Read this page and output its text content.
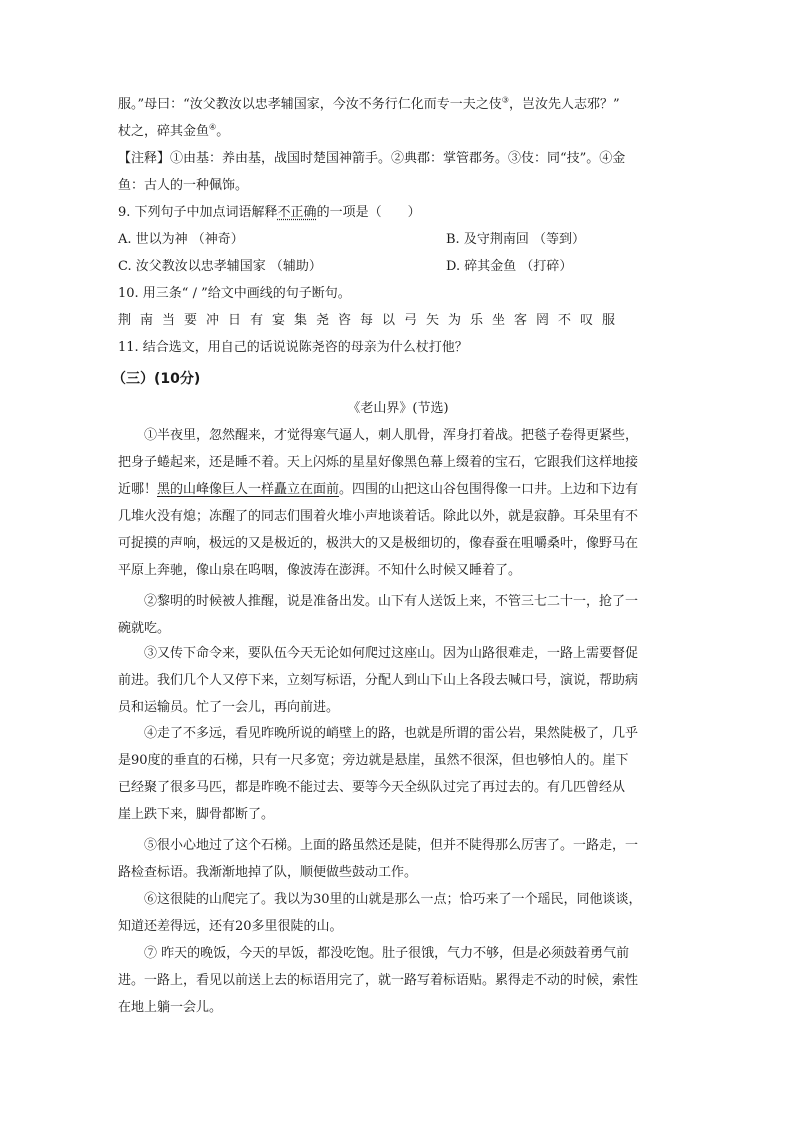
服。”母曰：“汝父教汝以忠孝辅国家，今汝不务行仁化而专一夫之伎③，岂汝先人志邪？”
杖之，碎其金鱼④。
【注释】①由基：养由基，战国时楚国神箭手。②典郡：掌管郡务。③伎：同“技”。④金
鱼：古人的一种佩饰。
9. 下列句子中加点词语解释不正确的一项是（　　）
A. 世以为神 （神奇）	B. 及守荆南回 （等到）
C. 汝父教汝以忠孝辅国家 （辅助）	D. 碎其金鱼 （打碎）
10. 用三条“ / ”给文中画线的句子断句。
荆南当要冲日有宴集尧咨每以弓矢为乐坐客罔不叹服
11. 结合选文，用自己的话说说陈尧咨的母亲为什么杖打他？
（三）(10分)
《老山界》(节选)
①半夜里，忽然醒来，才觉得寒气逼人，刺人肌骨，浑身打着战。把毯子卷得更紧些，
把身子蜷起来，还是睡不着。天上闪烁的星星好像黑色幕上缀着的宝石，它跟我们这样地接
近哪！黑的山峰像巨人一样矗立在面前。四围的山把这山谷包围得像一口井。上边和下边有
几堆火没有熄；冻醒了的同志们围着火堆小声地谈着话。除此以外，就是寂静。耳朵里有不
可捉摸的声响，极远的又是极近的，极洪大的又是极细切的，像春蚕在咀嚼桑叶，像野马在
平原上奔驰，像山泉在呜咽，像波涛在澎湃。不知什么时候又睡着了。
②黎明的时候被人推醒，说是准备出发。山下有人送饭上来，不管三七二十一，抢了一
碗就吃。
③又传下命令来，要队伍今天无论如何爬过这座山。因为山路很难走，一路上需要督促
前进。我们几个人又停下来，立刻写标语，分配人到山下山上各段去喊口号，演说，帮助病
员和运输员。忙了一会儿，再向前进。
④走了不多远，看见昨晚所说的峭壁上的路，也就是所谓的雷公岩，果然陡极了，几乎
是90度的垂直的石梯，只有一尺多宽；旁边就是悬崖，虽然不很深，但也够怕人的。崖下
已经聚了很多马匹，都是昨晚不能过去、要等今天全纵队过完了再过去的。有几匹曾经从
崖上跌下来，脚骨都断了。
⑤很小心地过了这个石梯。上面的路虽然还是陡，但并不陡得那么厉害了。一路走，一
路检查标语。我渐渐地掉了队，顺便做些鼓动工作。
⑥这很陡的山爬完了。我以为30里的山就是那么一点；恰巧来了一个瑶民，同他谈谈，
知道还差得远，还有20多里很陡的山。
⑦ 昨天的晚饭，今天的早饭，都没吃饱。肚子很饿，气力不够，但是必须鼓着勇气前
进。一路上，看见以前送上去的标语用完了，就一路写着标语贴。累得走不动的时候，索性
在地上躺一会儿。
